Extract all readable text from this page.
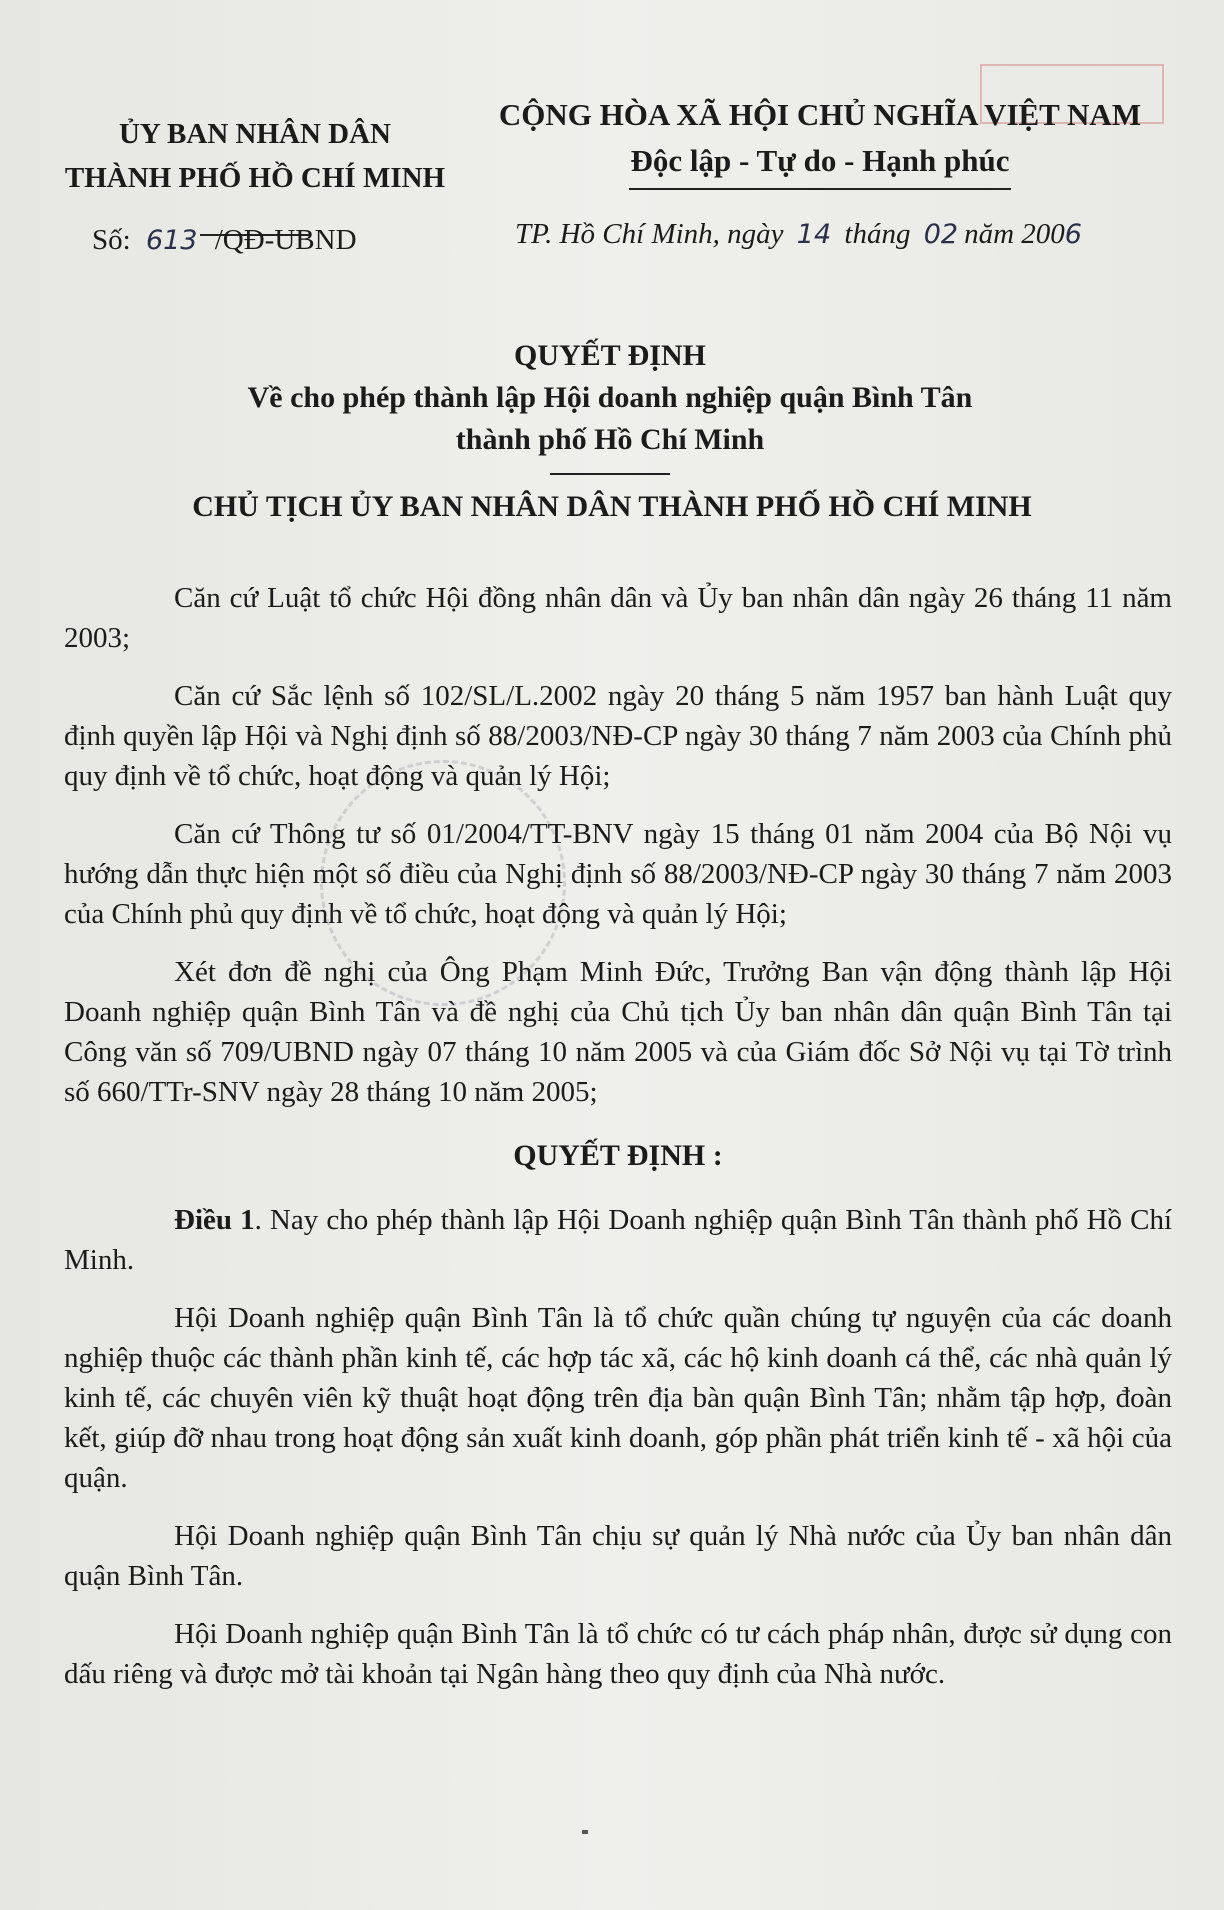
ỦY BAN NHÂN DÂN
THÀNH PHỐ HỒ CHÍ MINH
Số: 613 /QĐ-UBND
CỘNG HÒA XÃ HỘI CHỦ NGHĨA VIỆT NAM
Độc lập - Tự do - Hạnh phúc
TP. Hồ Chí Minh, ngày 14 tháng 02 năm 2006
QUYẾT ĐỊNH
Về cho phép thành lập Hội doanh nghiệp quận Bình Tân
thành phố Hồ Chí Minh
CHỦ TỊCH ỦY BAN NHÂN DÂN THÀNH PHỐ HỒ CHÍ MINH

Căn cứ Luật tổ chức Hội đồng nhân dân và Ủy ban nhân dân ngày 26 tháng 11 năm 2003;

Căn cứ Sắc lệnh số 102/SL/L.2002 ngày 20 tháng 5 năm 1957 ban hành Luật quy định quyền lập Hội và Nghị định số 88/2003/NĐ-CP ngày 30 tháng 7 năm 2003 của Chính phủ quy định về tổ chức, hoạt động và quản lý Hội;

Căn cứ Thông tư số 01/2004/TT-BNV ngày 15 tháng 01 năm 2004 của Bộ Nội vụ hướng dẫn thực hiện một số điều của Nghị định số 88/2003/NĐ-CP ngày 30 tháng 7 năm 2003 của Chính phủ quy định về tổ chức, hoạt động và quản lý Hội;

Xét đơn đề nghị của Ông Phạm Minh Đức, Trưởng Ban vận động thành lập Hội Doanh nghiệp quận Bình Tân và đề nghị của Chủ tịch Ủy ban nhân dân quận Bình Tân tại Công văn số 709/UBND ngày 07 tháng 10 năm 2005 và của Giám đốc Sở Nội vụ tại Tờ trình số 660/TTr-SNV ngày 28 tháng 10 năm 2005;

QUYẾT ĐỊNH :

Điều 1. Nay cho phép thành lập Hội Doanh nghiệp quận Bình Tân thành phố Hồ Chí Minh.

Hội Doanh nghiệp quận Bình Tân là tổ chức quần chúng tự nguyện của các doanh nghiệp thuộc các thành phần kinh tế, các hợp tác xã, các hộ kinh doanh cá thể, các nhà quản lý kinh tế, các chuyên viên kỹ thuật hoạt động trên địa bàn quận Bình Tân; nhằm tập hợp, đoàn kết, giúp đỡ nhau trong hoạt động sản xuất kinh doanh, góp phần phát triển kinh tế - xã hội của quận.

Hội Doanh nghiệp quận Bình Tân chịu sự quản lý Nhà nước của Ủy ban nhân dân quận Bình Tân.

Hội Doanh nghiệp quận Bình Tân là tổ chức có tư cách pháp nhân, được sử dụng con dấu riêng và được mở tài khoản tại Ngân hàng theo quy định của Nhà nước.
